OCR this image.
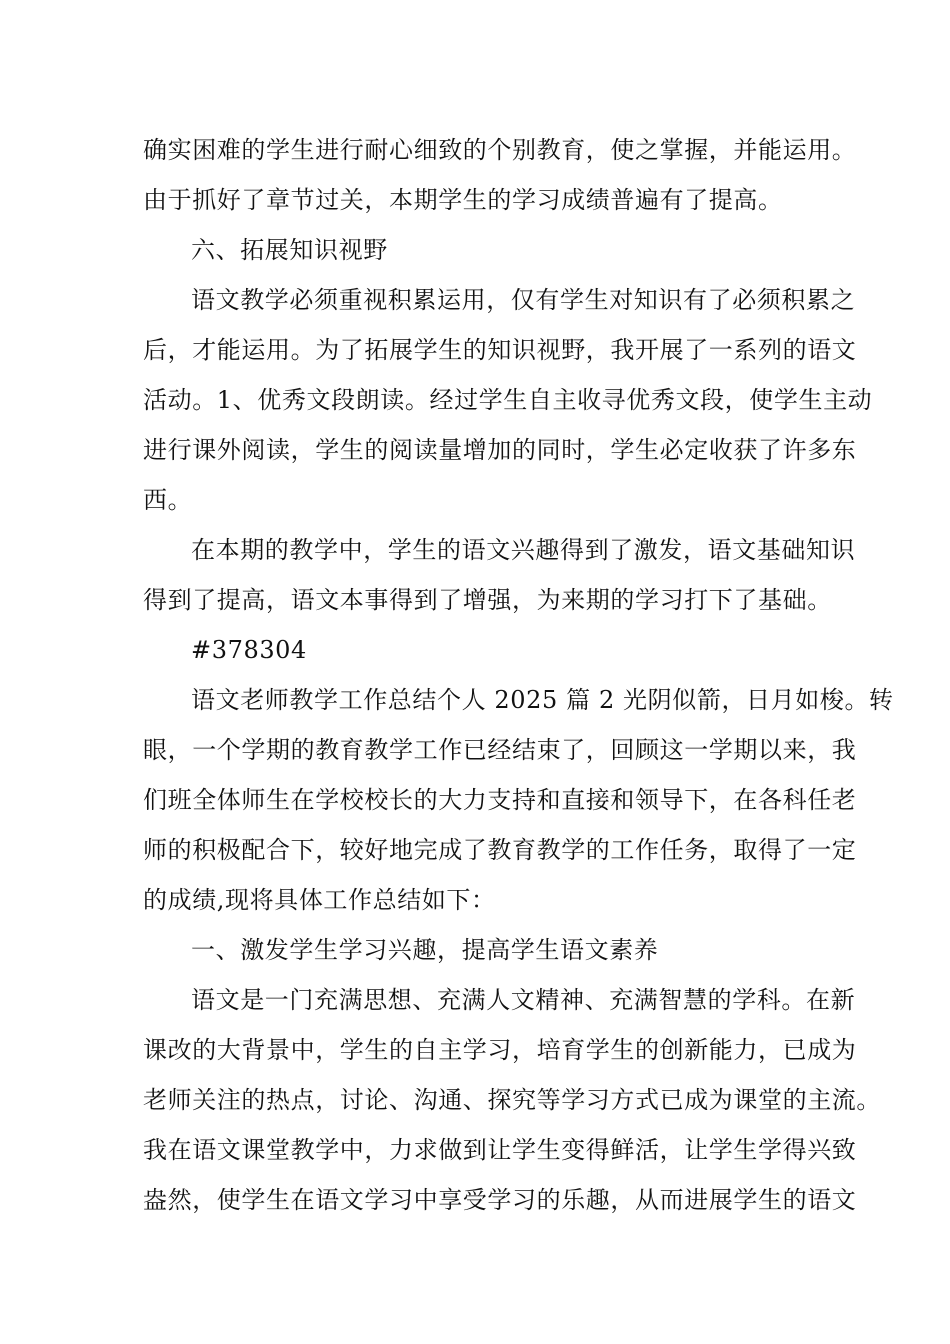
确实困难的学生进行耐心细致的个别教育，使之掌握，并能运用。
由于抓好了章节过关，本期学生的学习成绩普遍有了提高。
六、拓展知识视野
语文教学必须重视积累运用，仅有学生对知识有了必须积累之
后，才能运用。为了拓展学生的知识视野，我开展了一系列的语文
活动。1、优秀文段朗读。经过学生自主收寻优秀文段，使学生主动
进行课外阅读，学生的阅读量增加的同时，学生必定收获了许多东
西。
在本期的教学中，学生的语文兴趣得到了激发，语文基础知识
得到了提高，语文本事得到了增强，为来期的学习打下了基础。
#378304
语文老师教学工作总结个人 2025 篇 2 光阴似箭，日月如梭。转
眼，一个学期的教育教学工作已经结束了，回顾这一学期以来，我
们班全体师生在学校校长的大力支持和直接和领导下，在各科任老
师的积极配合下，较好地完成了教育教学的工作任务，取得了一定
的成绩,现将具体工作总结如下：
一、激发学生学习兴趣，提高学生语文素养
语文是一门充满思想、充满人文精神、充满智慧的学科。在新
课改的大背景中，学生的自主学习，培育学生的创新能力，已成为
老师关注的热点，讨论、沟通、探究等学习方式已成为课堂的主流。
我在语文课堂教学中，力求做到让学生变得鲜活，让学生学得兴致
盎然，使学生在语文学习中享受学习的乐趣，从而进展学生的语文
